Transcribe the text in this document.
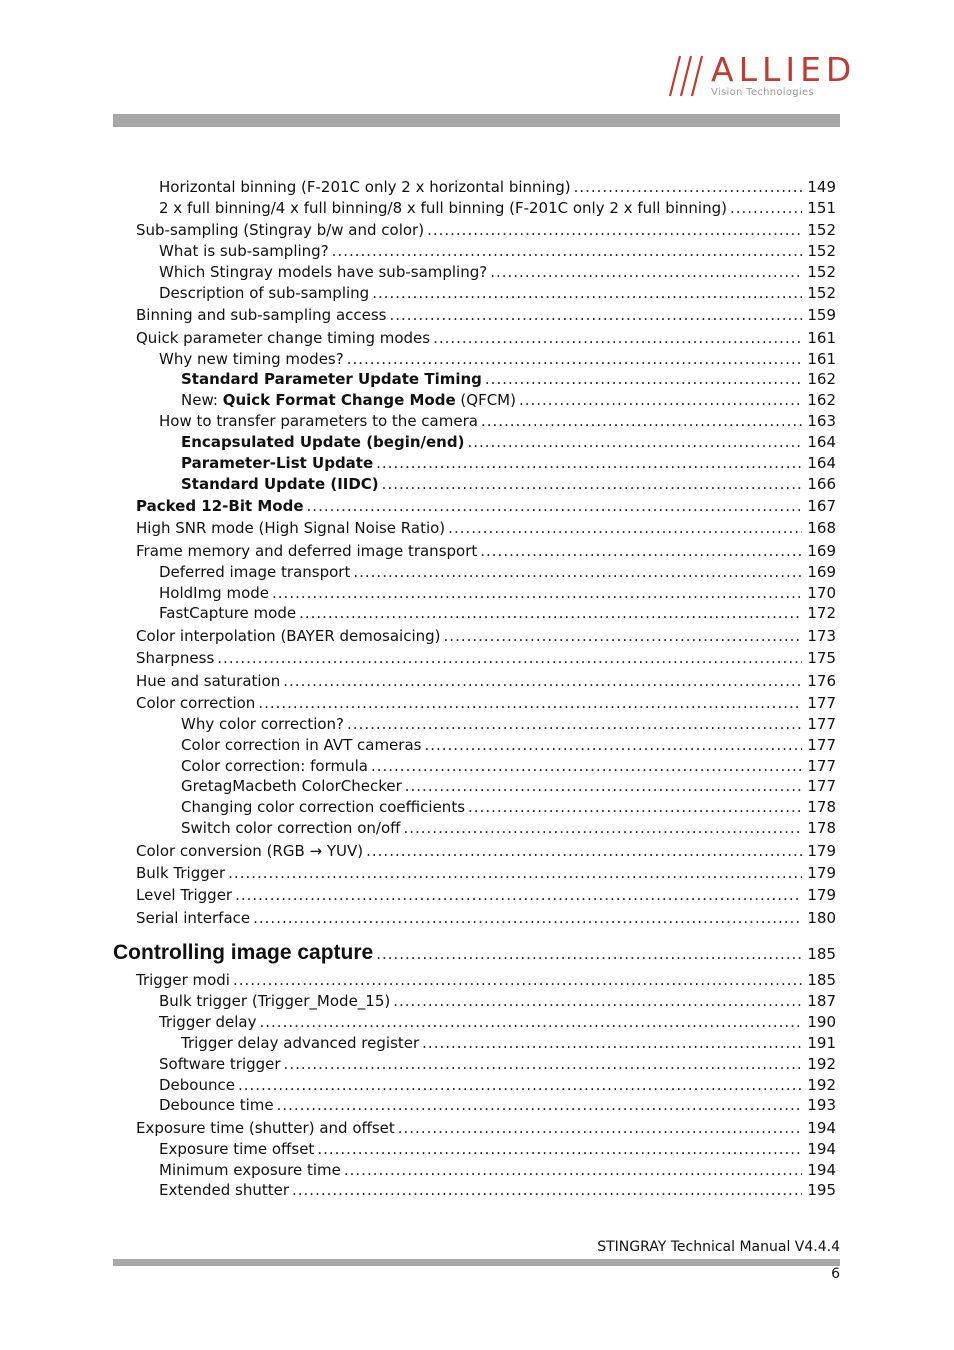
ALLIED
Vision Technologies
Horizontal binning (F-201C only 2 x horizontal binning) .....	149
2 x full binning/4 x full binning/8 x full binning (F-201C only 2 x full binning) .....	151
Sub-sampling (Stingray b/w and color) .....	152
What is sub-sampling? .....	152
Which Stingray models have sub-sampling? .....	152
Description of sub-sampling .....	152
Binning and sub-sampling access .....	159
Quick parameter change timing modes .....	161
Why new timing modes? .....	161
Standard Parameter Update Timing .....	162
New: Quick Format Change Mode (QFCM) .....	162
How to transfer parameters to the camera .....	163
Encapsulated Update (begin/end) .....	164
Parameter-List Update .....	164
Standard Update (IIDC) .....	166
Packed 12-Bit Mode .....	167
High SNR mode (High Signal Noise Ratio) .....	168
Frame memory and deferred image transport .....	169
Deferred image transport .....	169
HoldImg mode .....	170
FastCapture mode .....	172
Color interpolation (BAYER demosaicing) .....	173
Sharpness .....	175
Hue and saturation .....	176
Color correction .....	177
Why color correction? .....	177
Color correction in AVT cameras .....	177
Color correction: formula .....	177
GretagMacbeth ColorChecker .....	177
Changing color correction coefficients .....	178
Switch color correction on/off .....	178
Color conversion (RGB → YUV) .....	179
Bulk Trigger .....	179
Level Trigger .....	179
Serial interface .....	180
Controlling image capture .....	185
Trigger modi .....	185
Bulk trigger (Trigger_Mode_15) .....	187
Trigger delay .....	190
Trigger delay advanced register .....	191
Software trigger .....	192
Debounce .....	192
Debounce time .....	193
Exposure time (shutter) and offset .....	194
Exposure time offset .....	194
Minimum exposure time .....	194
Extended shutter .....	195
STINGRAY Technical Manual V4.4.4
6
